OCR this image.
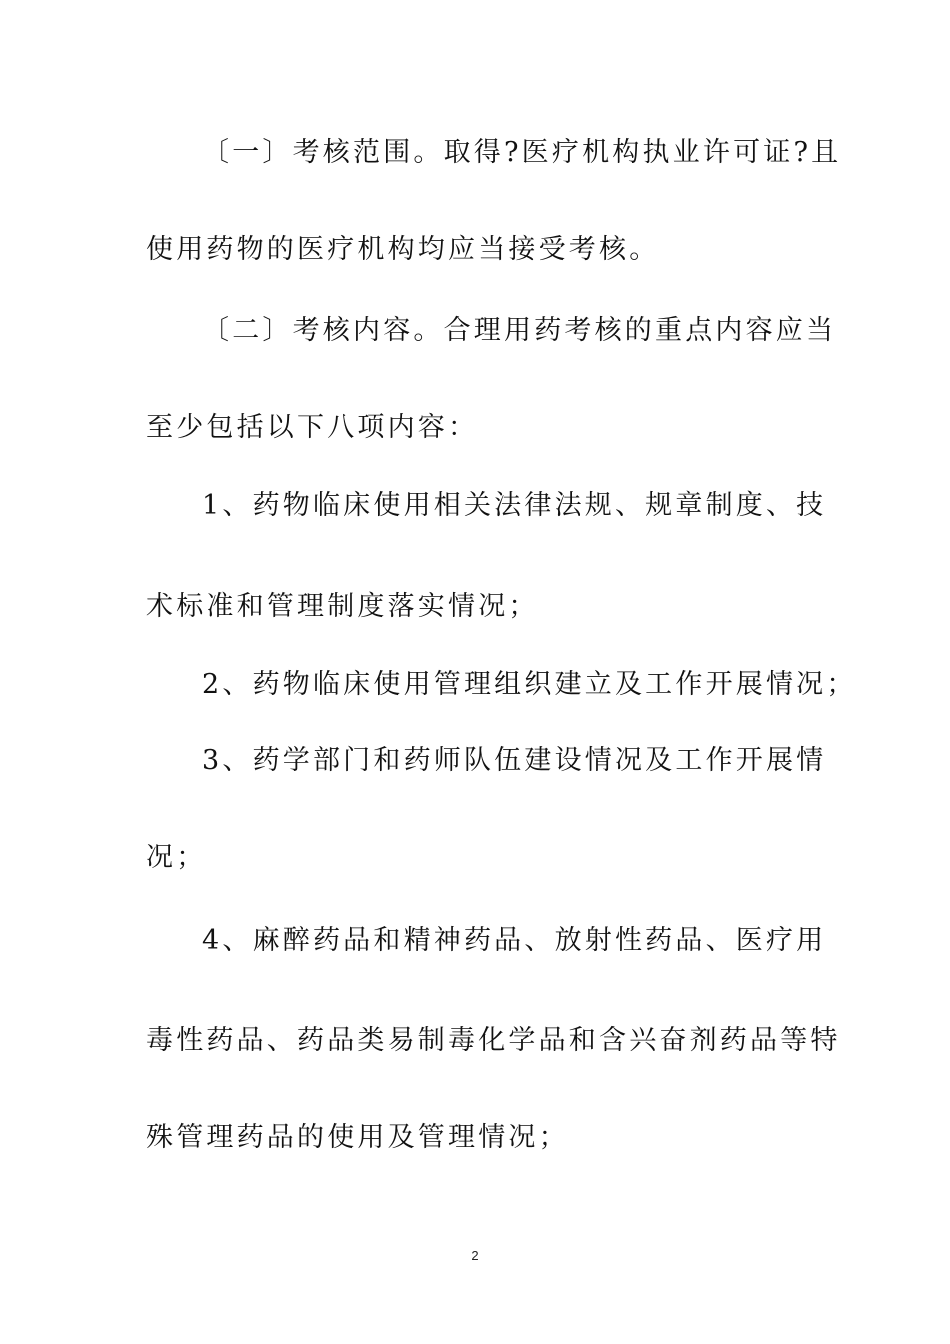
〔一〕考核范围。取得?医疗机构执业许可证?且
使用药物的医疗机构均应当接受考核。
〔二〕考核内容。合理用药考核的重点内容应当
至少包括以下八项内容：
1、药物临床使用相关法律法规、规章制度、技
术标准和管理制度落实情况；
2、药物临床使用管理组织建立及工作开展情况；
3、药学部门和药师队伍建设情况及工作开展情
况；
4、麻醉药品和精神药品、放射性药品、医疗用
毒性药品、药品类易制毒化学品和含兴奋剂药品等特
殊管理药品的使用及管理情况；
2
